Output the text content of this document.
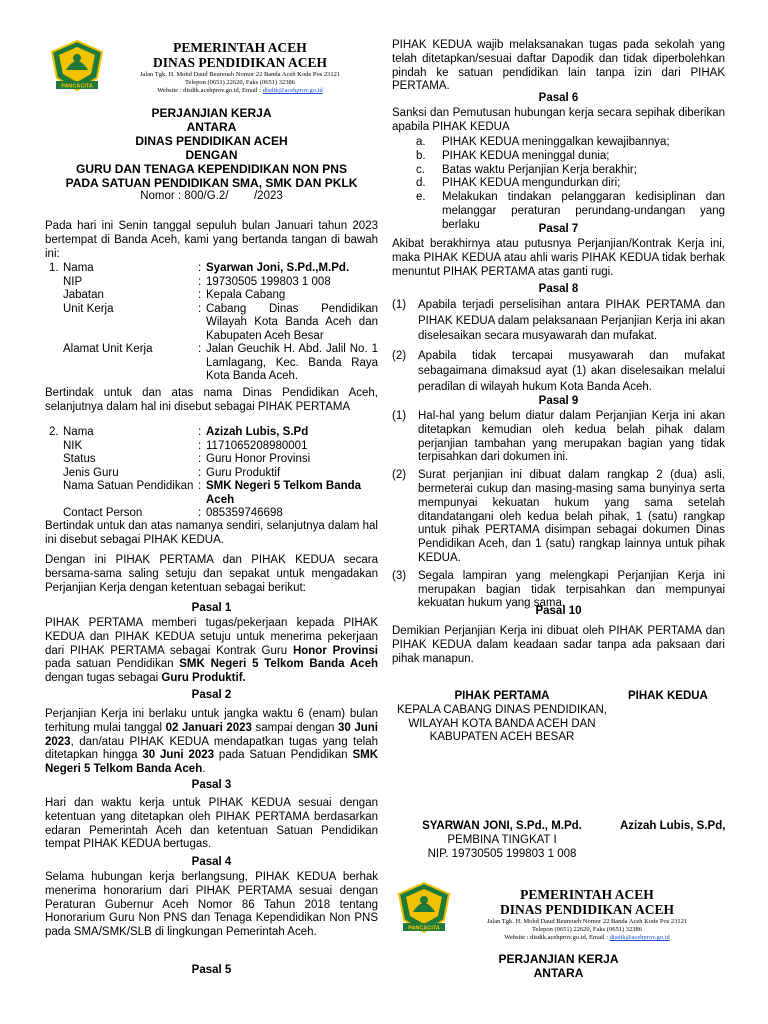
PANCACITA
PEMERINTAH ACEH
DINAS PENDIDIKAN ACEH
Jalan Tgk. H. Mohd Daud Beureueh Nomor 22 Banda Aceh Kode Pos 23121
Telepon (0651) 22620, Faks (0651) 32386
Website : disdik.acehprov.go.id, Email : disdik@acehprov.go.id
PERJANJIAN KERJA
ANTARA
DINAS PENDIDIKAN ACEH
DENGAN
GURU DAN TENAGA KEPENDIDIKAN NON PNS
PADA SATUAN PENDIDIKAN SMA, SMK DAN PKLK
Nomor : 800/G.2/        /2023
Pada hari ini Senin tanggal sepuluh bulan Januari tahun 2023 bertempat di Banda Aceh, kami yang bertanda tangan di bawah ini:
1.	Nama	:	Syarwan Joni, S.Pd.,M.Pd.
	NIP	:	19730505 199803 1 008
	Jabatan	:	Kepala Cabang
	Unit Kerja	:	Cabang Dinas Pendidikan Wilayah Kota Banda Aceh dan Kabupaten Aceh Besar
	Alamat Unit Kerja	:	Jalan Geuchik H. Abd. Jalil No. 1 Lamlagang, Kec. Banda Raya Kota Banda Aceh.
Bertindak untuk dan atas nama Dinas Pendidikan Aceh, selanjutnya dalam hal ini disebut sebagai PIHAK PERTAMA
2.	Nama	:	Azizah Lubis, S.Pd
	NIK	:	1171065208980001
	Status	:	Guru Honor Provinsi
	Jenis Guru	:	Guru Produktif
	Nama Satuan Pendidikan	:	SMK Negeri 5 Telkom Banda Aceh
	Contact Person	:	085359746698
Bertindak untuk dan atas namanya sendiri, selanjutnya dalam hal ini disebut sebagai PIHAK KEDUA.
Dengan ini PIHAK PERTAMA dan PIHAK KEDUA secara bersama-sama saling setuju dan sepakat untuk mengadakan Perjanjian Kerja dengan ketentuan sebagai berikut:
Pasal 1
PIHAK PERTAMA memberi tugas/pekerjaan kepada PIHAK KEDUA dan PIHAK KEDUA setuju untuk menerima pekerjaan dari PIHAK PERTAMA sebagai Kontrak Guru Honor Provinsi pada satuan Pendidikan SMK Negeri 5 Telkom Banda Aceh dengan tugas sebagai Guru Produktif.
Pasal 2
Perjanjian Kerja ini berlaku untuk jangka waktu 6 (enam) bulan terhitung mulai tanggal 02 Januari 2023 sampai dengan 30 Juni 2023, dan/atau PIHAK KEDUA mendapatkan tugas yang telah ditetapkan hingga 30 Juni 2023 pada Satuan Pendidikan SMK Negeri 5 Telkom Banda Aceh.
Pasal 3
Hari dan waktu kerja untuk PIHAK KEDUA sesuai dengan ketentuan yang ditetapkan oleh PIHAK PERTAMA berdasarkan edaran Pemerintah Aceh dan ketentuan Satuan Pendidikan tempat PIHAK KEDUA bertugas.
Pasal 4
Selama hubungan kerja berlangsung, PIHAK KEDUA berhak menerima honorarium dari PIHAK PERTAMA sesuai dengan Peraturan Gubernur Aceh Nomor 86 Tahun 2018 tentang Honorarium Guru Non PNS dan Tenaga Kependidikan Non PNS pada SMA/SMK/SLB di lingkungan Pemerintah Aceh.
Pasal 5
PIHAK KEDUA wajib melaksanakan tugas pada sekolah yang telah ditetapkan/sesuai daftar Dapodik dan tidak diperbolehkan pindah ke satuan pendidikan lain tanpa izin dari PIHAK PERTAMA.
Pasal 6
Sanksi dan Pemutusan hubungan kerja secara sepihak diberikan apabila PIHAK KEDUA
a.	PIHAK KEDUA meninggalkan kewajibannya;
b.	PIHAK KEDUA meninggal dunia;
c.	Batas waktu Perjanjian Kerja berakhir;
d.	PIHAK KEDUA mengundurkan diri;
e.	Melakukan tindakan pelanggaran kedisiplinan dan melanggar peraturan perundang-undangan yang berlaku	Pasal 7
Akibat berakhirnya atau putusnya Perjanjian/Kontrak Kerja ini, maka PIHAK KEDUA atau ahli waris PIHAK KEDUA tidak berhak menuntut PIHAK PERTAMA atas ganti rugi.
Pasal 8
(1)	Apabila terjadi perselisihan antara PIHAK PERTAMA dan PIHAK KEDUA dalam pelaksanaan Perjanjian Kerja ini akan diselesaikan secara musyawarah dan mufakat.
(2)	Apabila tidak tercapai musyawarah dan mufakat sebagaimana dimaksud ayat (1) akan diselesaikan melalui peradilan di wilayah hukum Kota Banda Aceh.
Pasal 9
(1)	Hal-hal yang belum diatur dalam Perjanjian Kerja ini akan ditetapkan kemudian oleh kedua belah pihak dalam perjanjian tambahan yang merupakan bagian yang tidak terpisahkan dari dokumen ini.
(2)	Surat perjanjian ini dibuat dalam rangkap 2 (dua) asli, bermeterai cukup dan masing-masing sama bunyinya serta mempunyai kekuatan hukum yang sama setelah ditandatangani oleh kedua belah pihak, 1 (satu) rangkap untuk pihak PERTAMA disimpan sebagai dokumen Dinas Pendidikan Aceh, dan 1 (satu) rangkap lainnya untuk pihak KEDUA.
(3)	Segala lampiran yang melengkapi Perjanjian Kerja ini merupakan bagian tidak terpisahkan dan mempunyai kekuatan hukum yang sama.
Pasal 10
Demikian Perjanjian Kerja ini dibuat oleh PIHAK PERTAMA dan PIHAK KEDUA dalam keadaan sadar tanpa ada paksaan dari pihak manapun.
PIHAK PERTAMA
KEPALA CABANG DINAS PENDIDIKAN,
WILAYAH KOTA BANDA ACEH DAN
KABUPATEN ACEH BESAR
PIHAK KEDUA
SYARWAN JONI, S.Pd., M.Pd.
PEMBINA TINGKAT I
NIP. 19730505 199803 1 008
Azizah Lubis, S.Pd,
PANCACITA
PEMERINTAH ACEH
DINAS PENDIDIKAN ACEH
Jalan Tgk. H. Mohd Daud Beureueh Nomor 22 Banda Aceh Kode Pos 23121
Telepon (0651) 22620, Faks (0651) 32386
Website : disdik.acehprov.go.id, Email : disdik@acehprov.go.id
PERJANJIAN KERJA
ANTARA
